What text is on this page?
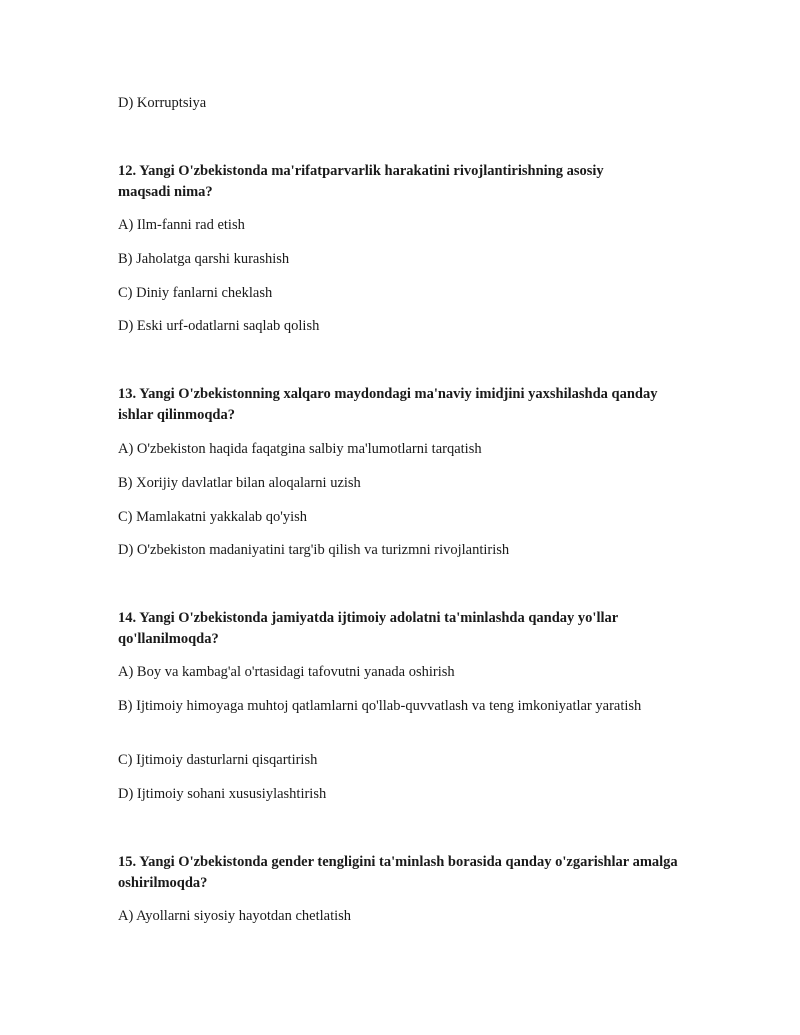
D) Korruptsiya
12. Yangi O'zbekistonda ma'rifatparvarlik harakatini rivojlantirishning asosiy maqsadi nima?
A) Ilm-fanni rad etish
B) Jaholatga qarshi kurashish
C) Diniy fanlarni cheklash
D) Eski urf-odatlarni saqlab qolish
13. Yangi O'zbekistonning xalqaro maydondagi ma'naviy imidjini yaxshilashda qanday ishlar qilinmoqda?
A) O'zbekiston haqida faqatgina salbiy ma'lumotlarni tarqatish
B) Xorijiy davlatlar bilan aloqalarni uzish
C) Mamlakatni yakkalab qo'yish
D) O'zbekiston madaniyatini targ'ib qilish va turizmni rivojlantirish
14. Yangi O'zbekistonda jamiyatda ijtimoiy adolatni ta'minlashda qanday yo'llar qo'llanilmoqda?
A) Boy va kambag'al o'rtasidagi tafovutni yanada oshirish
B) Ijtimoiy himoyaga muhtoj qatlamlarni qo'llab-quvvatlash va teng imkoniyatlar yaratish
C) Ijtimoiy dasturlarni qisqartirish
D) Ijtimoiy sohani xususiylashtirish
15. Yangi O'zbekistonda gender tengligini ta'minlash borasida qanday o'zgarishlar amalga oshirilmoqda?
A) Ayollarni siyosiy hayotdan chetlatish
